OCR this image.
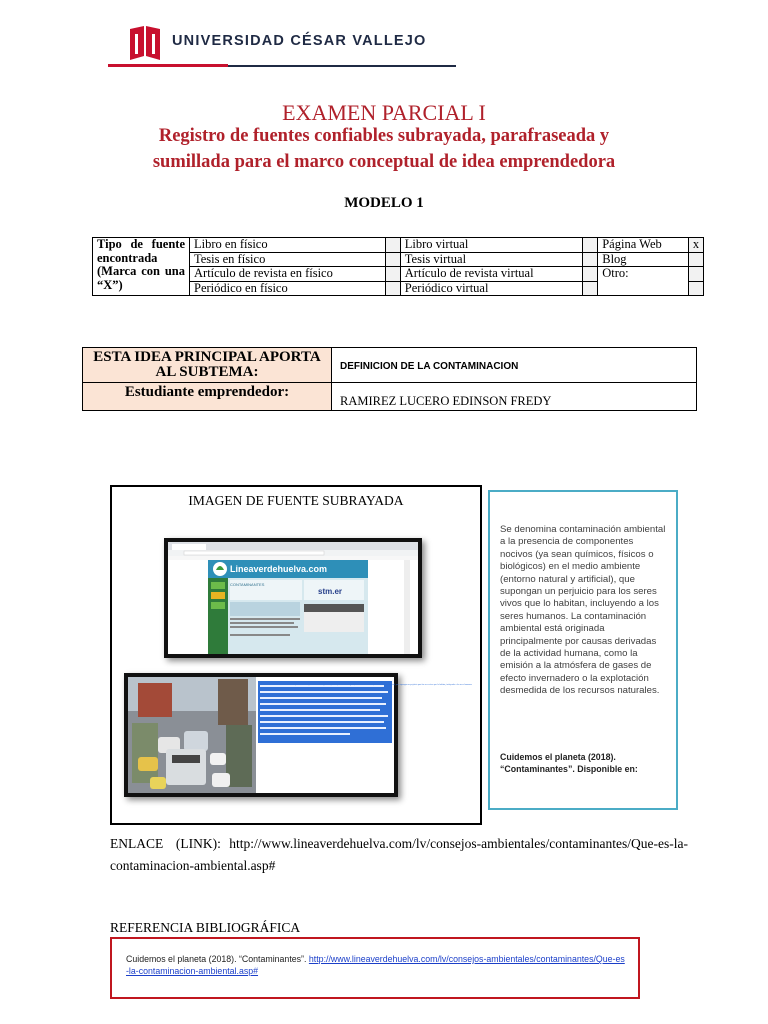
UNIVERSIDAD CÉSAR VALLEJO
EXAMEN PARCIAL I
Registro de fuentes confiables subrayada, parafraseada y
sumillada para el marco conceptual de idea emprendedora
MODELO 1
Tipo de fuente encontrada (Marca con una “X”)	Libro en físico		Libro virtual		Página Web	x
	Tesis en físico		Tesis virtual		Blog	
	Artículo de revista en físico		Artículo de revista virtual		Otro:	
	Periódico en físico		Periódico virtual			
ESTA IDEA PRINCIPAL APORTA AL SUBTEMA:	DEFINICION DE LA CONTAMINACION
Estudiante emprendedor:	RAMIREZ LUCERO EDINSON FREDY
IMAGEN DE FUENTE SUBRAYADA
stm.er
Lineaverdehuelva.com
CONTAMINANTES
Se denomina contaminación ambiental a la presencia de componentes nocivos (ya sean químicos, físicos o biológicos) en el medio ambiente (entorno natural o artificial), que supongan un perjuicio para los seres vivos que lo habitan, incluyendo a los seres humanos.
Se denomina contaminación ambiental a la presencia de componentes nocivos (ya sean químicos, físicos o biológicos) en el medio ambiente (entorno natural y artificial), que supongan un perjuicio para los seres vivos que lo habitan, incluyendo a los seres humanos. La contaminación ambiental está originada principalmente por causas derivadas de la actividad humana, como la emisión a la atmósfera de gases de efecto invernadero o la explotación desmedida de los recursos naturales.
Cuidemos el planeta (2018). “Contaminantes”. Disponible en:
ENLACE   (LINK): http://www.lineaverdehuelva.com/lv/consejos-ambientales/contaminantes/Que-es-la-contaminacion-ambiental.asp#
REFERENCIA BIBLIOGRÁFICA
Cuidemos el planeta (2018). “Contaminantes”. http://www.lineaverdehuelva.com/lv/consejos-ambientales/contaminantes/Que-es-la-contaminacion-ambiental.asp#
